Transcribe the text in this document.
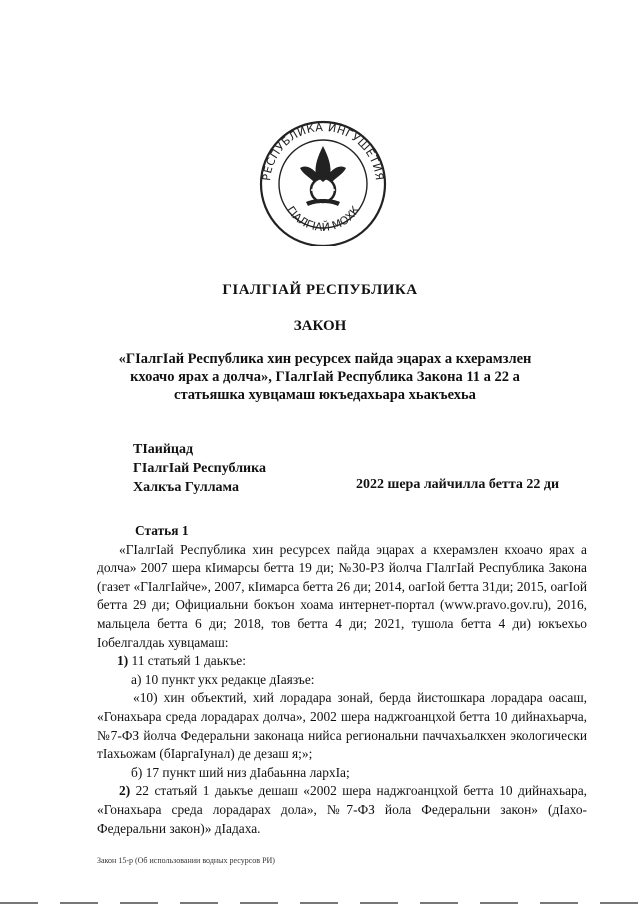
РЕСПУБЛИКА ИНГУШЕТИЯ
ГIАЛГIАЙ МОХК
ГIАЛГIАЙ РЕСПУБЛИКА
ЗАКОН
«ГIалгIай Республика хин ресурсех пайда эцарах а кхерамзлен кхоачо ярах а долча», ГIалгIай Республика Закона 11 а 22 а статьяшка хувцамаш юкъедахьара хьакъехьа
ТIаийцад
ГIалгIай Республика
Халкъа Гуллама	2022 шера лайчилла бетта 22 ди
Статья 1

«ГIалгIай Республика хин ресурсех пайда эцарах а кхерамзлен кхоачо ярах а долча» 2007 шера кIимарсы бетта 19 ди; №30-РЗ йолча ГIалгIай Республика Закона (газет «ГIалгIайче», 2007, кIимарса бетта 26 ди; 2014, оагIой бетта 31ди; 2015, оагIой бетта 29 ди; Официальни бокъон хоама интернет-портал (www.pravo.gov.ru), 2016, мальцела бетта 6 ди; 2018, тов бетта 4 ди; 2021, тушола бетта 4 ди) юкъехьо Iобелгалдаь хувцамаш:

1) 11 статьяй 1 даькъе:

а) 10 пункт укх редакце дIаязъе:

«10) хин объектий, хий лорадара зонай, берда йистошкара лорадара оасаш, «Гонахьара среда лорадарах долча», 2002 шера наджгоанцхой бетта 10 дийнахьарча, №7-ФЗ йолча Федеральни законаца нийса региональни паччахьалкхен экологически тIахьожам (бIаргаIунал) де дезаш я;»;

б) 17 пункт ший низ дIабаьнна лархIа;

2) 22 статьяй 1 даькъе дешаш «2002 шера наджгоанцхой бетта 10 дийнахьара, «Гонахьара среда лорадарах дола», №7-ФЗ йола Федеральни закон» (дIахо-Федеральни закон)» дIадаха.

Закон 15-р (Об использовании водных ресурсов РИ)
